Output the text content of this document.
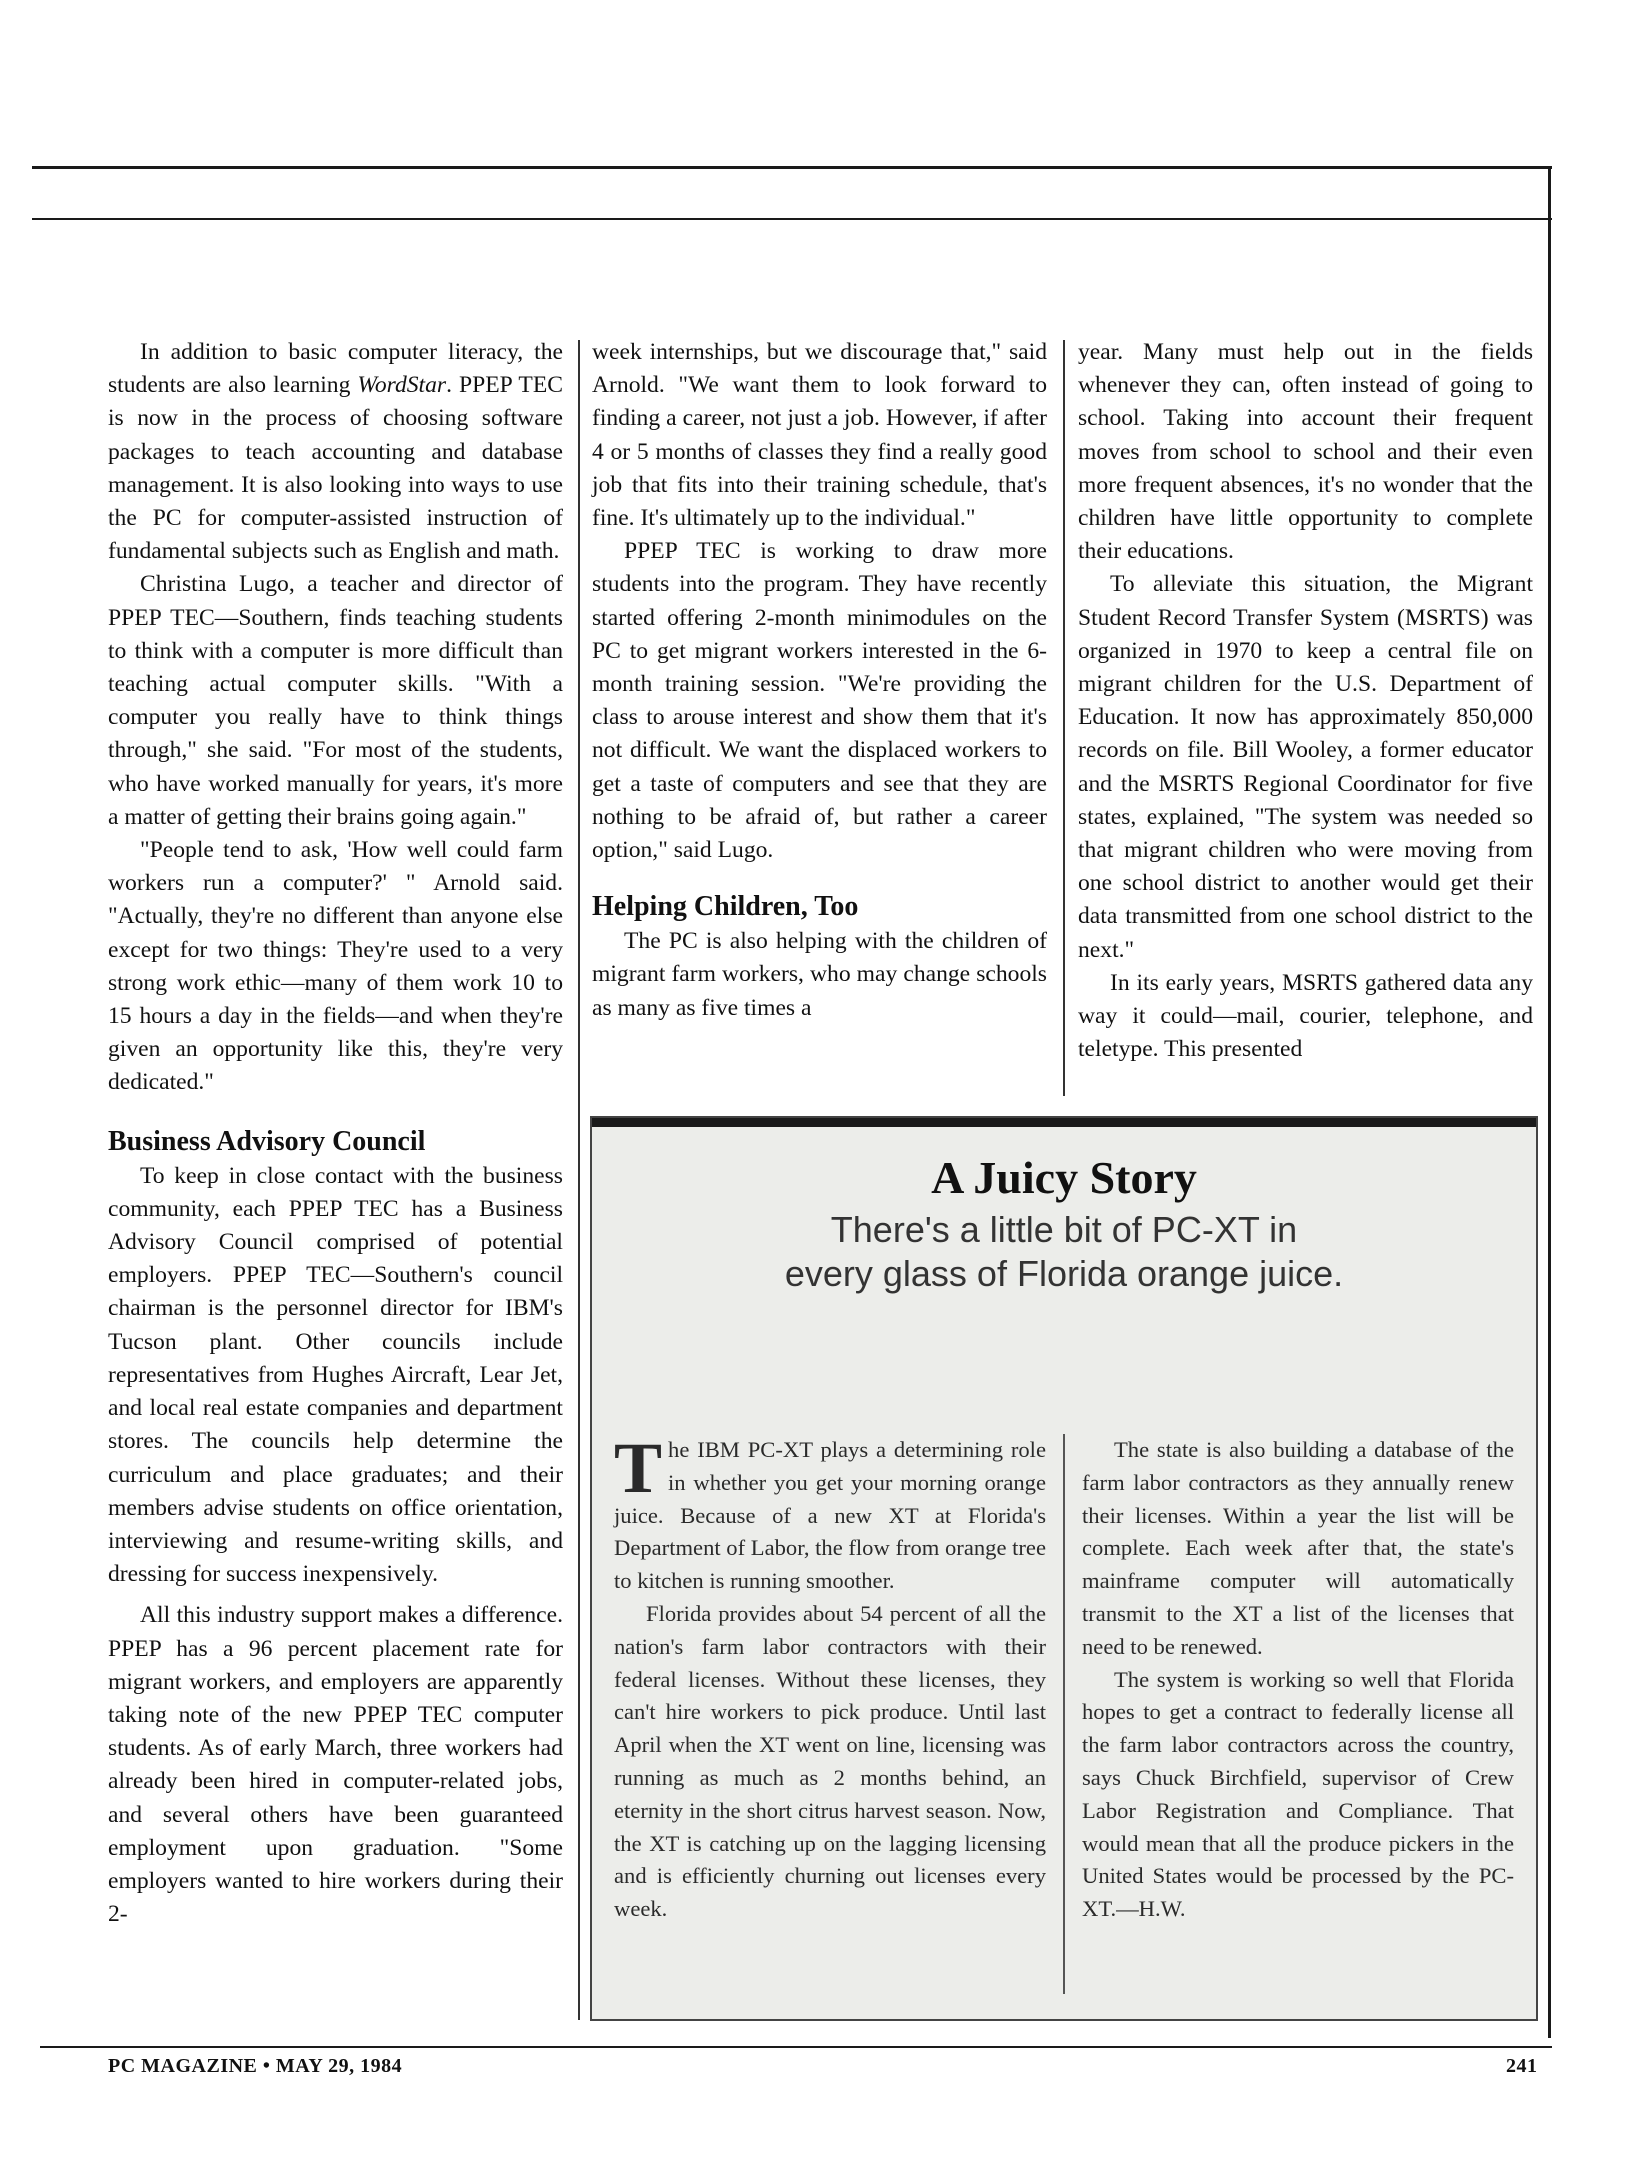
In addition to basic computer literacy, the students are also learning WordStar. PPEP TEC is now in the process of choosing software packages to teach accounting and database management. It is also looking into ways to use the PC for computer-assisted instruction of fundamental subjects such as English and math.

Christina Lugo, a teacher and director of PPEP TEC—Southern, finds teaching students to think with a computer is more difficult than teaching actual computer skills. "With a computer you really have to think things through," she said. "For most of the students, who have worked manually for years, it's more a matter of getting their brains going again."

"People tend to ask, 'How well could farm workers run a computer?' " Arnold said. "Actually, they're no different than anyone else except for two things: They're used to a very strong work ethic—many of them work 10 to 15 hours a day in the fields—and when they're given an opportunity like this, they're very dedicated."

Business Advisory Council

To keep in close contact with the business community, each PPEP TEC has a Business Advisory Council comprised of potential employers. PPEP TEC—Southern's council chairman is the personnel director for IBM's Tucson plant. Other councils include representatives from Hughes Aircraft, Lear Jet, and local real estate companies and department stores. The councils help determine the curriculum and place graduates; and their members advise students on office orientation, interviewing and resume-writing skills, and dressing for success inexpensively.

All this industry support makes a difference. PPEP has a 96 percent placement rate for migrant workers, and employers are apparently taking note of the new PPEP TEC computer students. As of early March, three workers had already been hired in computer-related jobs, and several others have been guaranteed employment upon graduation. "Some employers wanted to hire workers during their 2-

week internships, but we discourage that," said Arnold. "We want them to look forward to finding a career, not just a job. However, if after 4 or 5 months of classes they find a really good job that fits into their training schedule, that's fine. It's ultimately up to the individual."

PPEP TEC is working to draw more students into the program. They have recently started offering 2-month minimodules on the PC to get migrant workers interested in the 6-month training session. "We're providing the class to arouse interest and show them that it's not difficult. We want the displaced workers to get a taste of computers and see that they are nothing to be afraid of, but rather a career option," said Lugo.

Helping Children, Too

The PC is also helping with the children of migrant farm workers, who may change schools as many as five times a

year. Many must help out in the fields whenever they can, often instead of going to school. Taking into account their frequent moves from school to school and their even more frequent absences, it's no wonder that the children have little opportunity to complete their educations.

To alleviate this situation, the Migrant Student Record Transfer System (MSRTS) was organized in 1970 to keep a central file on migrant children for the U.S. Department of Education. It now has approximately 850,000 records on file. Bill Wooley, a former educator and the MSRTS Regional Coordinator for five states, explained, "The system was needed so that migrant children who were moving from one school district to another would get their data transmitted from one school district to the next."

In its early years, MSRTS gathered data any way it could—mail, courier, telephone, and teletype. This presented

A Juicy Story
There's a little bit of PC-XT in
every glass of Florida orange juice.

The IBM PC-XT plays a determining role in whether you get your morning orange juice. Because of a new XT at Florida's Department of Labor, the flow from orange tree to kitchen is running smoother.

Florida provides about 54 percent of all the nation's farm labor contractors with their federal licenses. Without these licenses, they can't hire workers to pick produce. Until last April when the XT went on line, licensing was running as much as 2 months behind, an eternity in the short citrus harvest season. Now, the XT is catching up on the lagging licensing and is efficiently churning out licenses every week.

The state is also building a database of the farm labor contractors as they annually renew their licenses. Within a year the list will be complete. Each week after that, the state's mainframe computer will automatically transmit to the XT a list of the licenses that need to be renewed.

The system is working so well that Florida hopes to get a contract to federally license all the farm labor contractors across the country, says Chuck Birchfield, supervisor of Crew Labor Registration and Compliance. That would mean that all the produce pickers in the United States would be processed by the PC-XT.—H.W.

PC MAGAZINE • MAY 29, 1984	241
